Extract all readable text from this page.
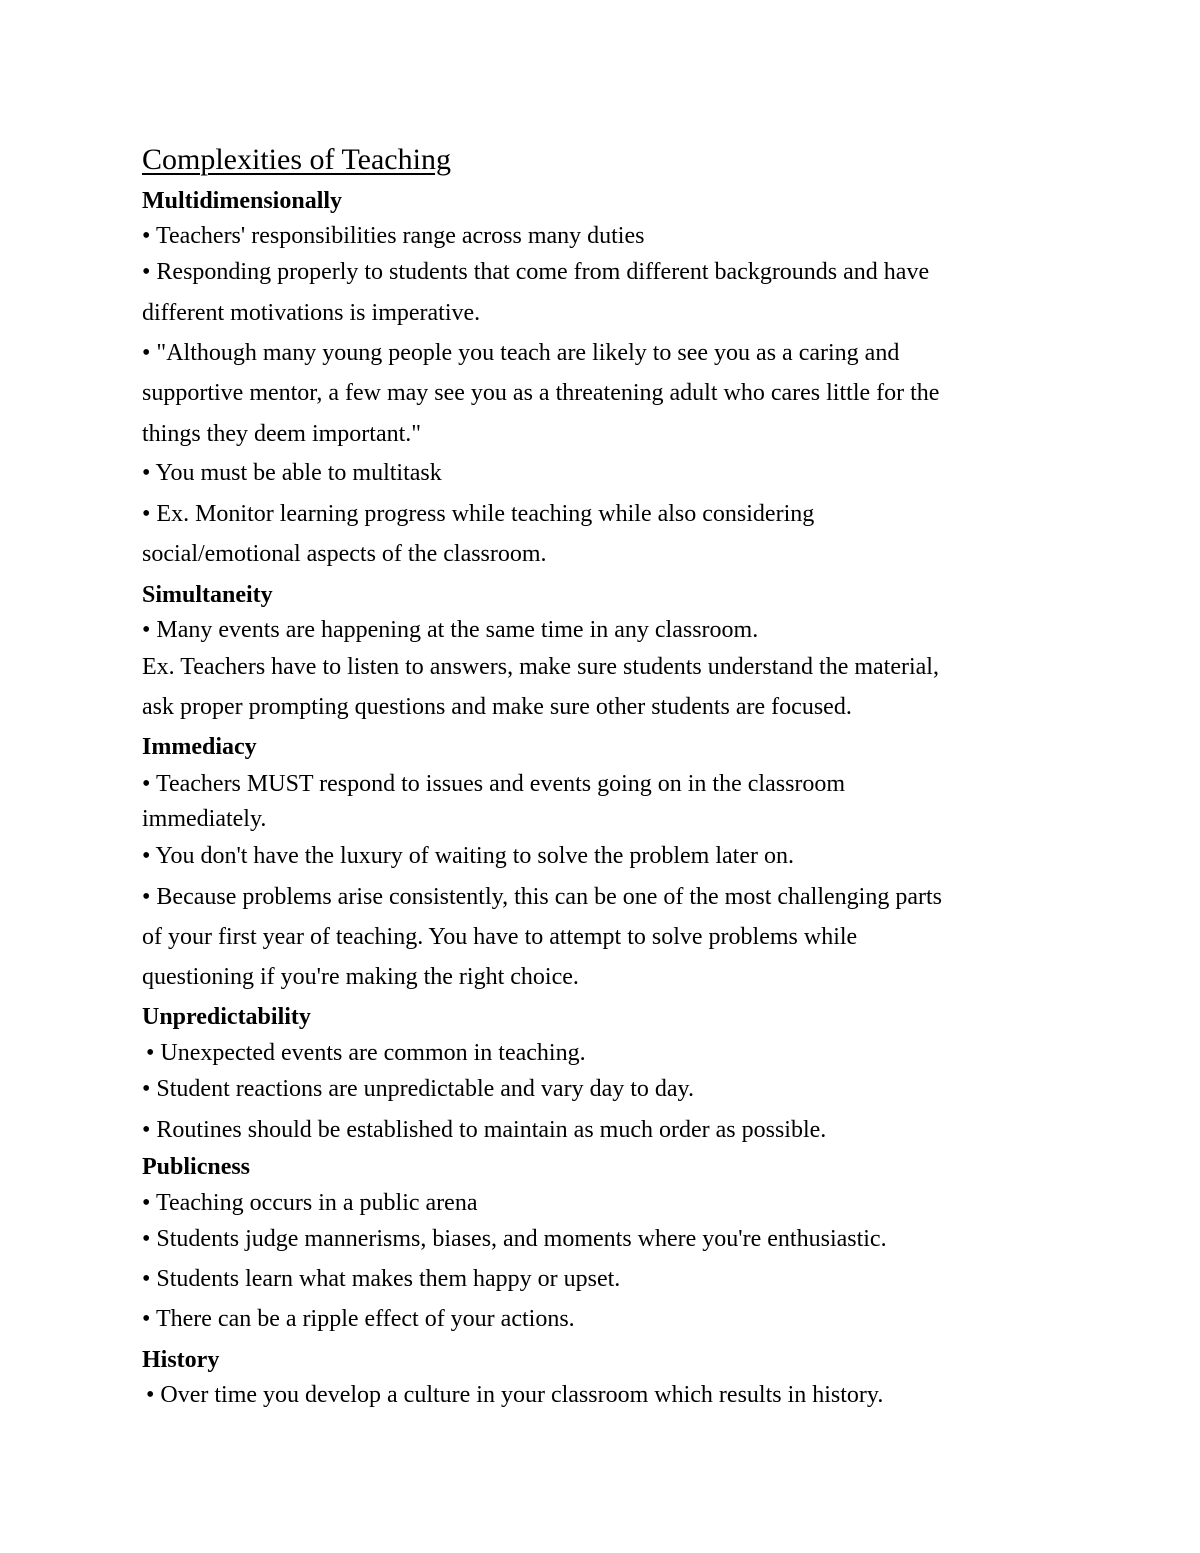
Complexities of Teaching
Multidimensionally
• Teachers' responsibilities range across many duties
• Responding properly to students that come from different backgrounds and have
different motivations is imperative.
• "Although many young people you teach are likely to see you as a caring and
supportive mentor, a few may see you as a threatening adult who cares little for the
things they deem important."
• You must be able to multitask
• Ex. Monitor learning progress while teaching while also considering
social/emotional aspects of the classroom.
Simultaneity
• Many events are happening at the same time in any classroom.
Ex. Teachers have to listen to answers, make sure students understand the material,
ask proper prompting questions and make sure other students are focused.
Immediacy
• Teachers MUST respond to issues and events going on in the classroom
immediately.
• You don't have the luxury of waiting to solve the problem later on.
• Because problems arise consistently, this can be one of the most challenging parts
of your first year of teaching. You have to attempt to solve problems while
questioning if you're making the right choice.
Unpredictability
• Unexpected events are common in teaching.
• Student reactions are unpredictable and vary day to day.
• Routines should be established to maintain as much order as possible.
Publicness
• Teaching occurs in a public arena
• Students judge mannerisms, biases, and moments where you're enthusiastic.
• Students learn what makes them happy or upset.
• There can be a ripple effect of your actions.
History
• Over time you develop a culture in your classroom which results in history.
